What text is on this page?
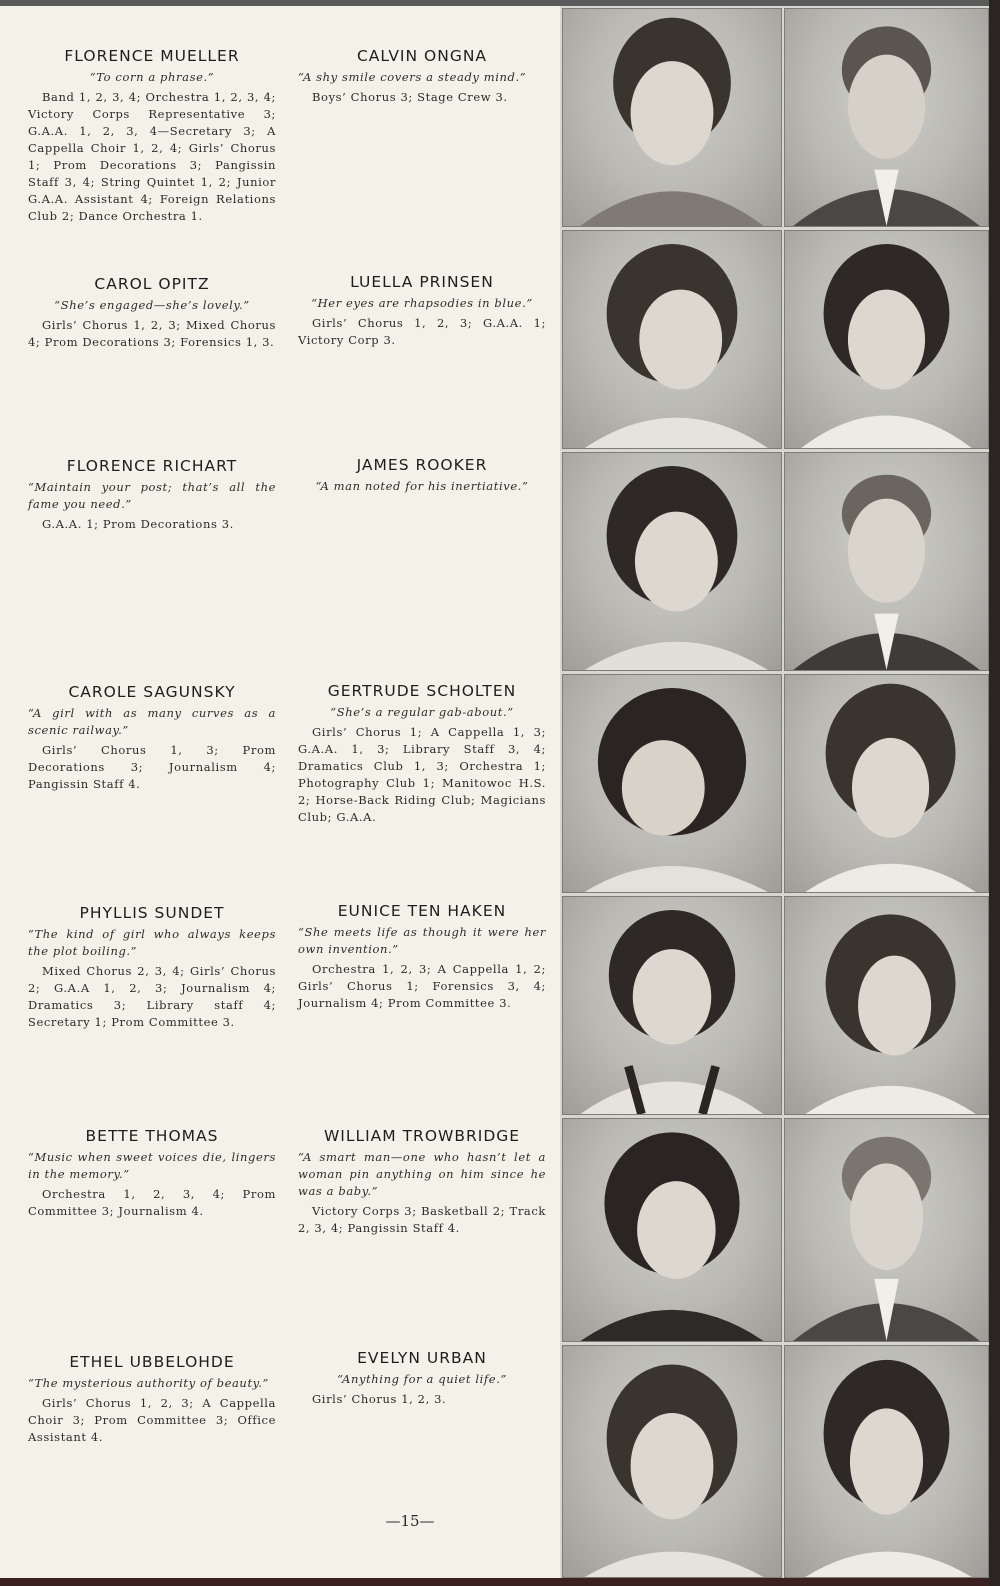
FLORENCE MUELLER

“To corn a phrase.”

Band 1, 2, 3, 4; Orchestra 1, 2, 3, 4; Victory Corps Representative 3; G.A.A. 1, 2, 3, 4—Secretary 3; A Cappella Choir 1, 2, 4; Girls’ Chorus 1; Prom Decorations 3; Pangissin Staff 3, 4; String Quintet 1, 2; Junior G.A.A. Assistant 4; Foreign Relations Club 2; Dance Orchestra 1.

CALVIN ONGNA

“A shy smile covers a steady mind.”

Boys’ Chorus 3; Stage Crew 3.

CAROL OPITZ

“She’s engaged—she’s lovely.”

Girls’ Chorus 1, 2, 3; Mixed Chorus 4; Prom Decorations 3; Forensics 1, 3.

LUELLA PRINSEN

“Her eyes are rhapsodies in blue.”

Girls’ Chorus 1, 2, 3; G.A.A. 1; Victory Corp 3.

FLORENCE RICHART

“Maintain your post; that’s all the fame you need.”

G.A.A. 1; Prom Decorations 3.

JAMES ROOKER

“A man noted for his inertiative.”

CAROLE SAGUNSKY

“A girl with as many curves as a scenic railway.”

Girls’ Chorus 1, 3; Prom Decorations 3; Journalism 4; Pangissin Staff 4.

GERTRUDE SCHOLTEN

“She’s a regular gab-about.”

Girls’ Chorus 1; A Cappella 1, 3; G.A.A. 1, 3; Library Staff 3, 4; Dramatics Club 1, 3; Orchestra 1; Photography Club 1; Manitowoc H.S. 2; Horse-Back Riding Club; Magicians Club; G.A.A.

PHYLLIS SUNDET

“The kind of girl who always keeps the plot boiling.”

Mixed Chorus 2, 3, 4; Girls’ Chorus 2; G.A.A 1, 2, 3; Journalism 4; Dramatics 3; Library staff 4; Secretary 1; Prom Committee 3.

EUNICE TEN HAKEN

“She meets life as though it were her own invention.”

Orchestra 1, 2, 3; A Cappella 1, 2; Girls’ Chorus 1; Forensics 3, 4; Journalism 4; Prom Committee 3.

BETTE THOMAS

“Music when sweet voices die, lingers in the memory.”

Orchestra 1, 2, 3, 4; Prom Committee 3; Journalism 4.

WILLIAM TROWBRIDGE

“A smart man—one who hasn’t let a woman pin anything on him since he was a baby.”

Victory Corps 3; Basketball 2; Track 2, 3, 4; Pangissin Staff 4.

ETHEL UBBELOHDE

“The mysterious authority of beauty.”

Girls’ Chorus 1, 2, 3; A Cappella Choir 3; Prom Committee 3; Office Assistant 4.

EVELYN URBAN

“Anything for a quiet life.”

Girls’ Chorus 1, 2, 3.

—15—
